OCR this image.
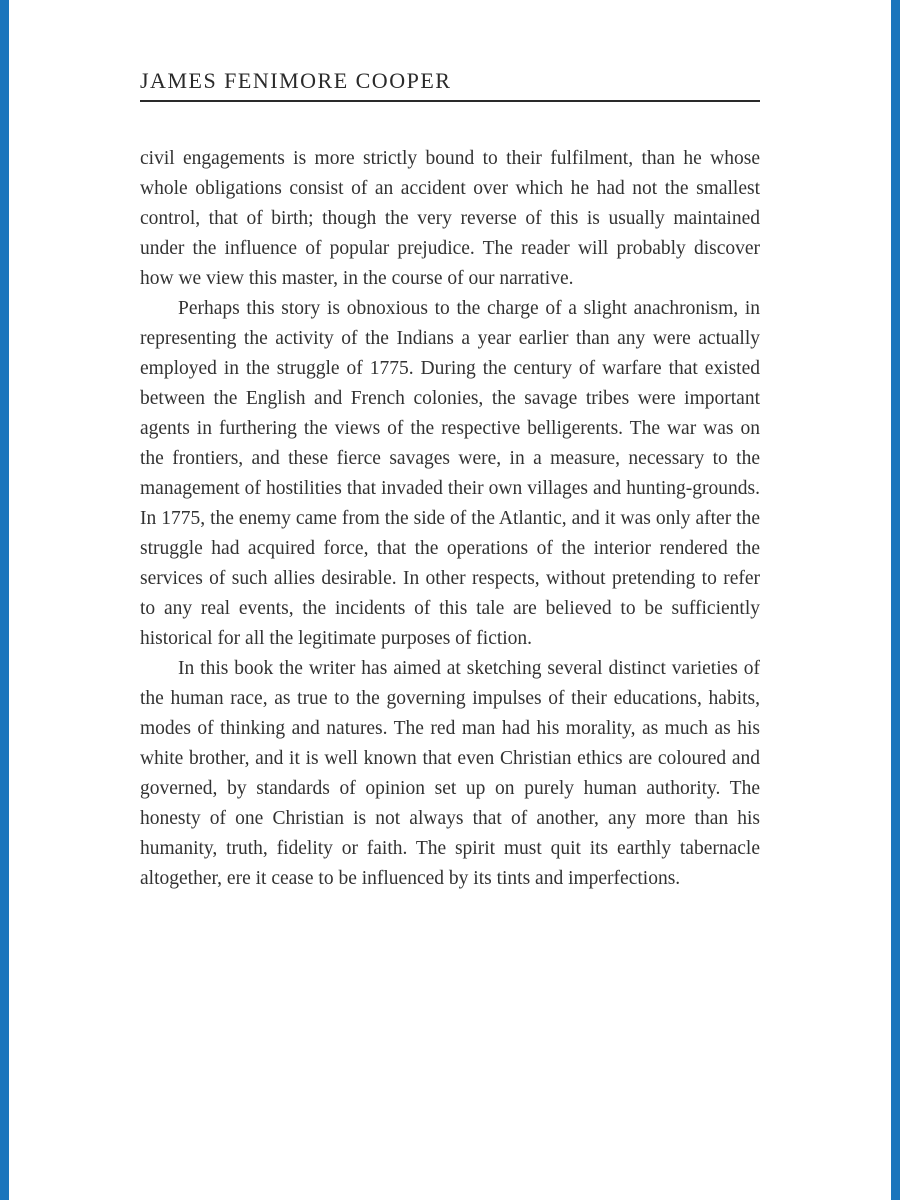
JAMES FENIMORE COOPER

civil engagements is more strictly bound to their fulfilment, than he whose whole obligations consist of an accident over which he had not the smallest control, that of birth; though the very reverse of this is usually maintained under the influence of popular prejudice. The reader will probably discover how we view this master, in the course of our narrative.

Perhaps this story is obnoxious to the charge of a slight anachronism, in representing the activity of the Indians a year earlier than any were actually employed in the struggle of 1775. During the century of warfare that existed between the English and French colonies, the savage tribes were important agents in furthering the views of the respective belligerents. The war was on the frontiers, and these fierce savages were, in a measure, necessary to the management of hostilities that invaded their own villages and hunting-grounds. In 1775, the enemy came from the side of the Atlantic, and it was only after the struggle had acquired force, that the operations of the interior rendered the services of such allies desirable. In other respects, without pretending to refer to any real events, the incidents of this tale are believed to be sufficiently historical for all the legitimate purposes of fiction.

In this book the writer has aimed at sketching several distinct varieties of the human race, as true to the governing impulses of their educations, habits, modes of thinking and natures. The red man had his morality, as much as his white brother, and it is well known that even Christian ethics are coloured and governed, by standards of opinion set up on purely human authority. The honesty of one Christian is not always that of another, any more than his humanity, truth, fidelity or faith. The spirit must quit its earthly tabernacle altogether, ere it cease to be influenced by its tints and imperfections.
